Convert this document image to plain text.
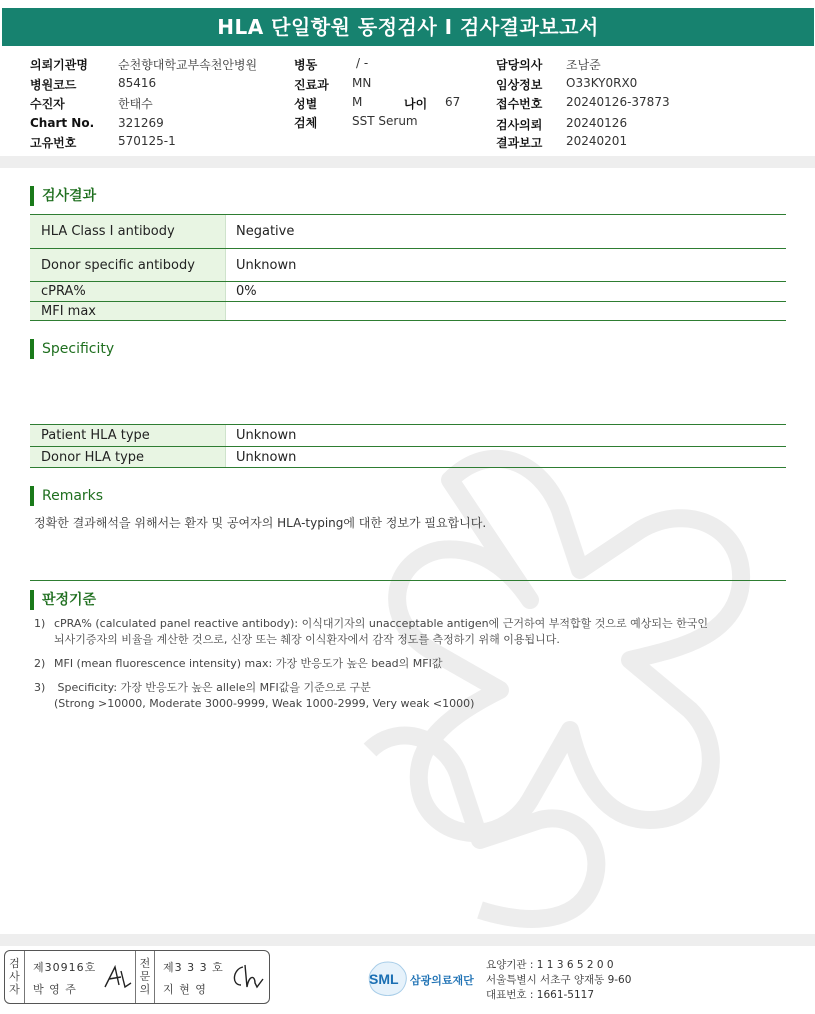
HLA 단일항원 동정검사 I 검사결과보고서
의뢰기관명	순천향대학교부속천안병원
병원코드	85416
수진자	한태수
Chart No. 321269
고유번호	570125-1
병동	/ -
진료과 MN
성별	M	나이 67
검체	SST Serum
담당의사 조남준
임상정보 O33KY0RX0
접수번호 20240126-37873
검사의뢰 20240126
결과보고 20240201
검사결과
HLA Class I antibody	Negative
Donor specific antibody	Unknown
cPRA%	0%
MFI max
Specificity
Patient HLA type	Unknown
Donor HLA type	Unknown
Remarks
정확한 결과해석을 위해서는 환자 및 공여자의 HLA-typing에 대한 정보가 필요합니다.
판정기준
1) cPRA% (calculated panel reactive antibody): 이식대기자의 unacceptable antigen에 근거하여 부적합할 것으로 예상되는 한국인
뇌사기증자의 비율을 계산한 것으로, 신장 또는 췌장 이식환자에서 감작 정도를 측정하기 위해 이용됩니다.
2) MFI (mean fluorescence intensity) max: 가장 반응도가 높은 bead의 MFI값
3) Specificity: 가장 반응도가 높은 allele의 MFI값을 기준으로 구분
(Strong >10000, Moderate 3000-9999, Weak 1000-2999, Very weak <1000)
검사자
제30916호
박 영 주
전문의
제3 3 3 호
지 현 영
SML 삼광의료재단
요양기관 : 1 1 3 6 5 2 0 0
서울특별시 서초구 양재동 9-60
대표번호 : 1661-5117
